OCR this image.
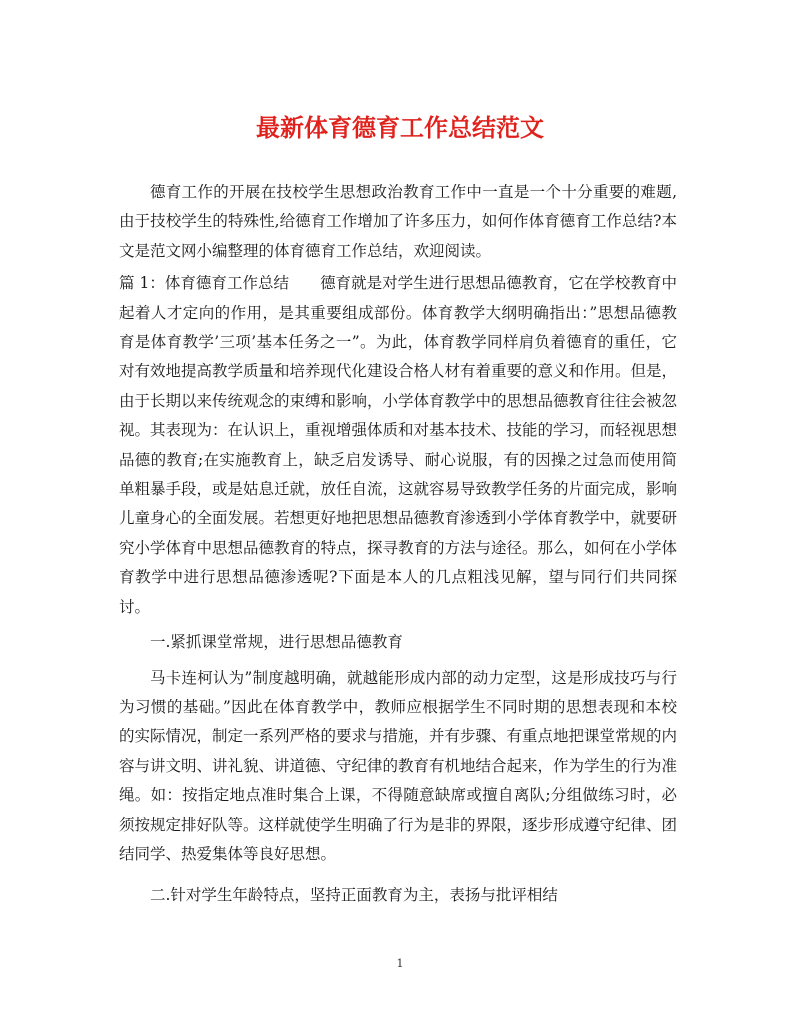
最新体育德育工作总结范文

德育工作的开展在技校学生思想政治教育工作中一直是一个十分重要的难题,由于技校学生的特殊性,给德育工作增加了许多压力，如何作体育德育工作总结?本文是范文网小编整理的体育德育工作总结，欢迎阅读。

篇 1：体育德育工作总结　　德育就是对学生进行思想品德教育，它在学校教育中起着人才定向的作用，是其重要组成部份。体育教学大纲明确指出：”思想品德教育是体育教学’三项’基本任务之一”。为此，体育教学同样肩负着德育的重任，它对有效地提高教学质量和培养现代化建设合格人材有着重要的意义和作用。但是，由于长期以来传统观念的束缚和影响，小学体育教学中的思想品德教育往往会被忽视。其表现为：在认识上，重视增强体质和对基本技术、技能的学习，而轻视思想品德的教育;在实施教育上，缺乏启发诱导、耐心说服，有的因操之过急而使用简单粗暴手段，或是姑息迁就，放任自流，这就容易导致教学任务的片面完成，影响儿童身心的全面发展。若想更好地把思想品德教育渗透到小学体育教学中，就要研究小学体育中思想品德教育的特点，探寻教育的方法与途径。那么，如何在小学体育教学中进行思想品德渗透呢?下面是本人的几点粗浅见解，望与同行们共同探讨。

一.紧抓课堂常规，进行思想品德教育

马卡连柯认为”制度越明确，就越能形成内部的动力定型，这是形成技巧与行为习惯的基础。”因此在体育教学中，教师应根据学生不同时期的思想表现和本校的实际情况，制定一系列严格的要求与措施，并有步骤、有重点地把课堂常规的内容与讲文明、讲礼貌、讲道德、守纪律的教育有机地结合起来，作为学生的行为准绳。如：按指定地点准时集合上课，不得随意缺席或擅自离队;分组做练习时，必须按规定排好队等。这样就使学生明确了行为是非的界限，逐步形成遵守纪律、团结同学、热爱集体等良好思想。

二.针对学生年龄特点，坚持正面教育为主，表扬与批评相结

1
